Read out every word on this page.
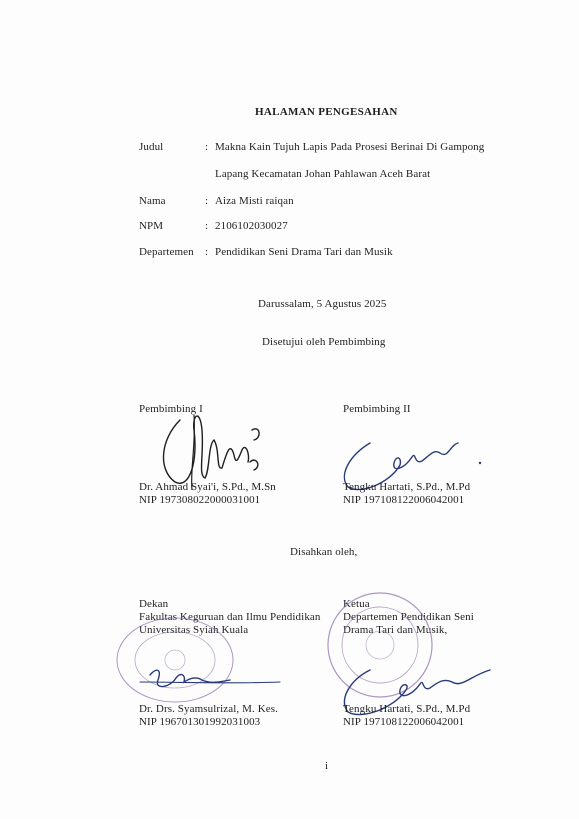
HALAMAN PENGESAHAN
Judul	: Makna Kain Tujuh Lapis Pada Prosesi Berinai Di Gampong
Lapang Kecamatan Johan Pahlawan Aceh Barat
Nama	: Aiza Misti raiqan
NPM	: 2106102030027
Departemen : Pendidikan Seni Drama Tari dan Musik
Darussalam, 5 Agustus 2025
Disetujui oleh Pembimbing
Pembimbing I
Dr. Ahmad Syai'i, S.Pd., M.Sn
NIP 197308022000031001
Pembimbing II
Tengku Hartati, S.Pd., M.Pd
NIP 197108122006042001
Disahkan oleh,
Dekan
Fakultas Keguruan dan Ilmu Pendidikan
Universitas Syiah Kuala
Dr. Drs. Syamsulrizal, M. Kes.
NIP 196701301992031003
Ketua
Departemen Pendidikan Seni
Drama Tari dan Musik,
Tengku Hartati, S.Pd., M.Pd
NIP 197108122006042001
i
